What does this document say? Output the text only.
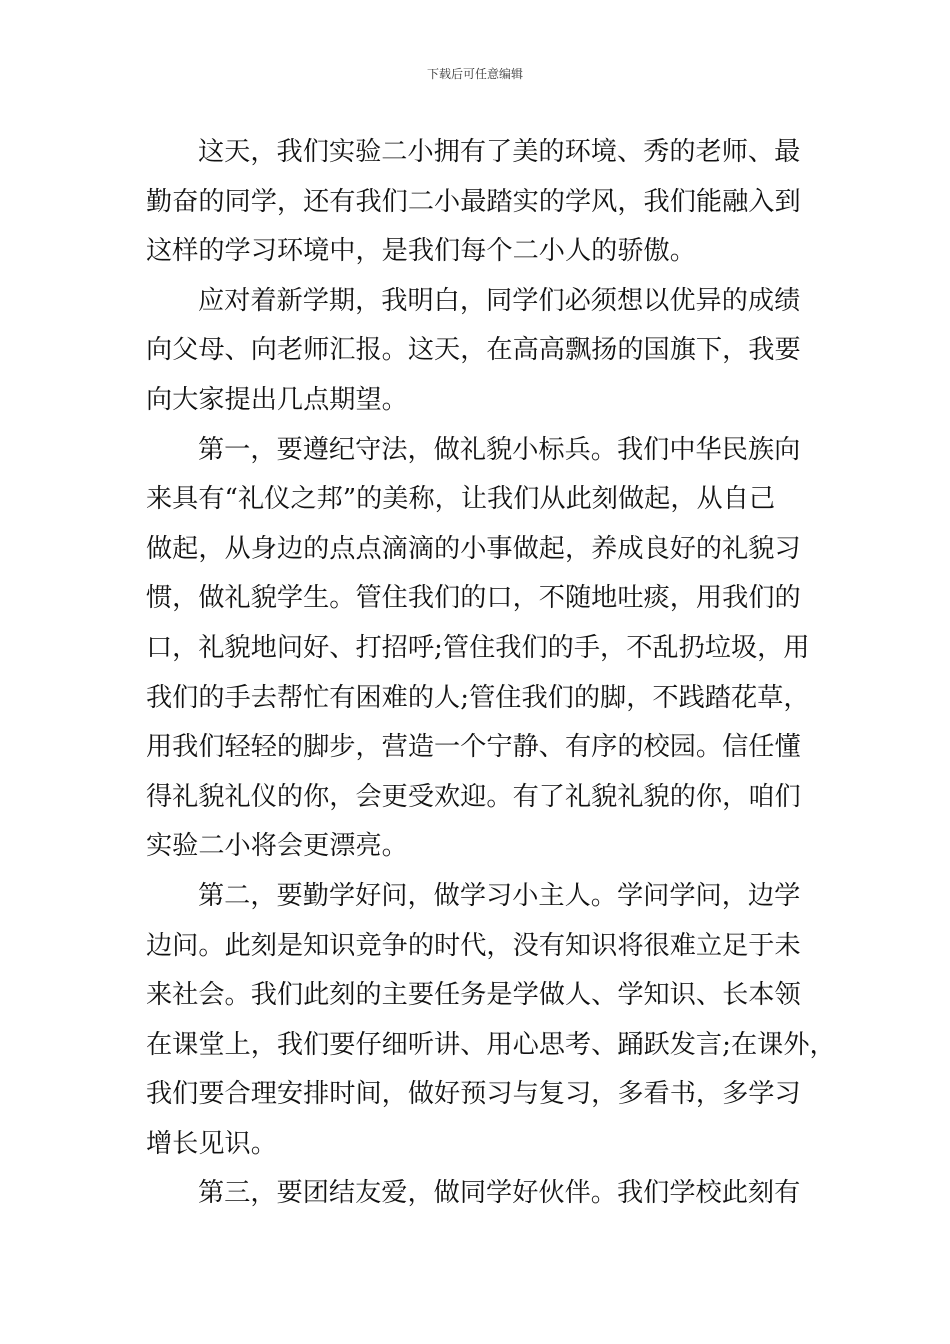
下载后可任意编辑
这天，我们实验二小拥有了美的环境、秀的老师、最
勤奋的同学，还有我们二小最踏实的学风，我们能融入到
这样的学习环境中，是我们每个二小人的骄傲。
应对着新学期，我明白，同学们必须想以优异的成绩
向父母、向老师汇报。这天，在高高飘扬的国旗下，我要
向大家提出几点期望。
第一，要遵纪守法，做礼貌小标兵。我们中华民族向
来具有“礼仪之邦”的美称，让我们从此刻做起，从自己
做起，从身边的点点滴滴的小事做起，养成良好的礼貌习
惯，做礼貌学生。管住我们的口，不随地吐痰，用我们的
口，礼貌地问好、打招呼;管住我们的手，不乱扔垃圾，用
我们的手去帮忙有困难的人;管住我们的脚，不践踏花草，
用我们轻轻的脚步，营造一个宁静、有序的校园。信任懂
得礼貌礼仪的你，会更受欢迎。有了礼貌礼貌的你，咱们
实验二小将会更漂亮。
第二，要勤学好问，做学习小主人。学问学问，边学
边问。此刻是知识竞争的时代，没有知识将很难立足于未
来社会。我们此刻的主要任务是学做人、学知识、长本领
在课堂上，我们要仔细听讲、用心思考、踊跃发言;在课外，
我们要合理安排时间，做好预习与复习，多看书，多学习
增长见识。
第三，要团结友爱，做同学好伙伴。我们学校此刻有
